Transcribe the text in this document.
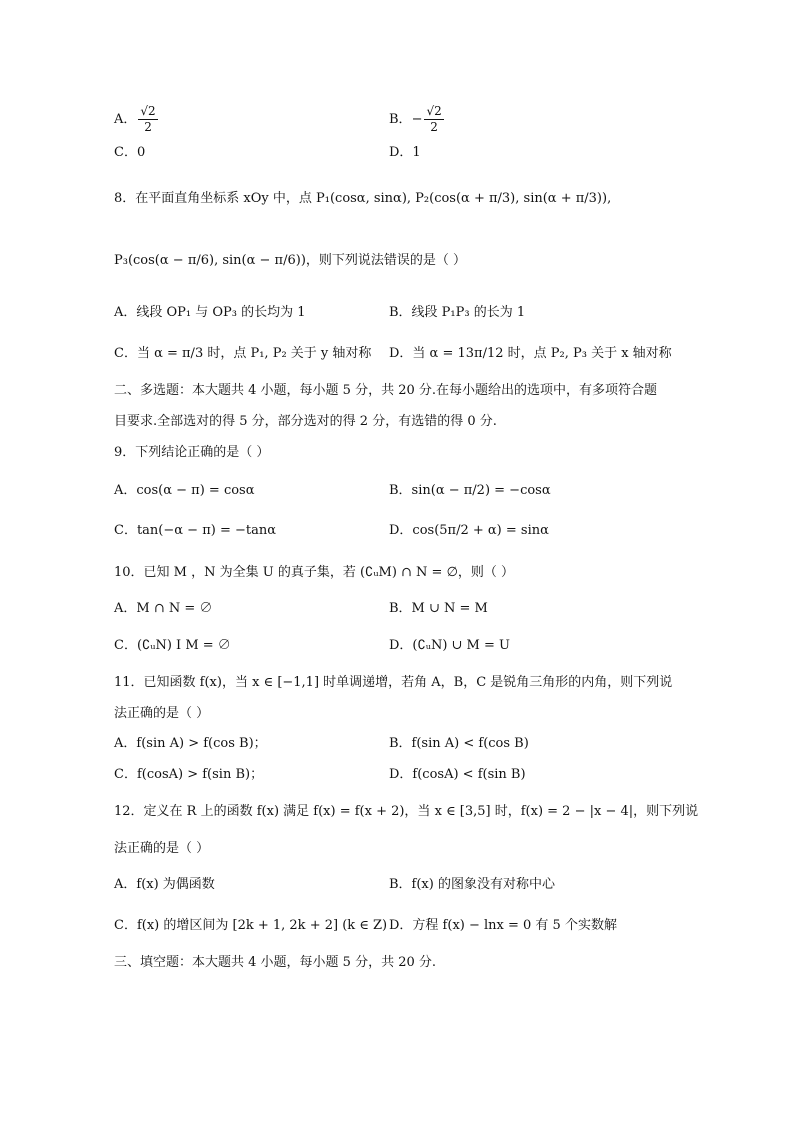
A． $\frac{√2}{2}$	B．− $\frac{√2}{2}$
C．0	D．1
8．在平面直角坐标系 xOy 中，点 P₁(cosα, sinα), P₂(cos(α + π/3), sin(α + π/3)),
P₃(cos(α − π/6), sin(α − π/6))，则下列说法错误的是（ ）
A．线段 OP₁ 与 OP₃ 的长均为 1	B．线段 P₁P₃ 的长为 1
C．当 α = π/3 时，点 P₁, P₂ 关于 y 轴对称 D．当 α = 13π/12 时，点 P₂, P₃ 关于 x 轴对称
二、多选题：本大题共 4 小题，每小题 5 分，共 20 分.在每小题给出的选项中，有多项符合题
目要求.全部选对的得 5 分，部分选对的得 2 分，有选错的得 0 分.
9．下列结论正确的是（ ）
A．cos(α − π) = cosα	B．sin(α − π/2) = −cosα
C．tan(−α − π) = −tanα	D．cos(5π/2 + α) = sinα
10．已知 M ，N 为全集 U 的真子集，若 (∁ᵤM) ∩ N = ∅，则（ ）
A．M ∩ N = ∅	B．M ∪ N = M
C．(∁ᵤN) I M = ∅	D．(∁ᵤN) ∪ M = U
11．已知函数 f(x)，当 x ∈ [−1,1] 时单调递增，若角 A，B，C 是锐角三角形的内角，则下列说
法正确的是（ ）
A．f(sin A) > f(cos B)；	B．f(sin A) < f(cos B)
C．f(cosA) > f(sin B)；	D．f(cosA) < f(sin B)
12．定义在 R 上的函数 f(x) 满足 f(x) = f(x + 2)，当 x ∈ [3,5] 时，f(x) = 2 − |x − 4|，则下列说
法正确的是（ ）
A．f(x) 为偶函数	B．f(x) 的图象没有对称中心
C．f(x) 的增区间为 [2k + 1, 2k + 2] (k ∈ Z) D．方程 f(x) − lnx = 0 有 5 个实数解
三、填空题：本大题共 4 小题，每小题 5 分，共 20 分.
